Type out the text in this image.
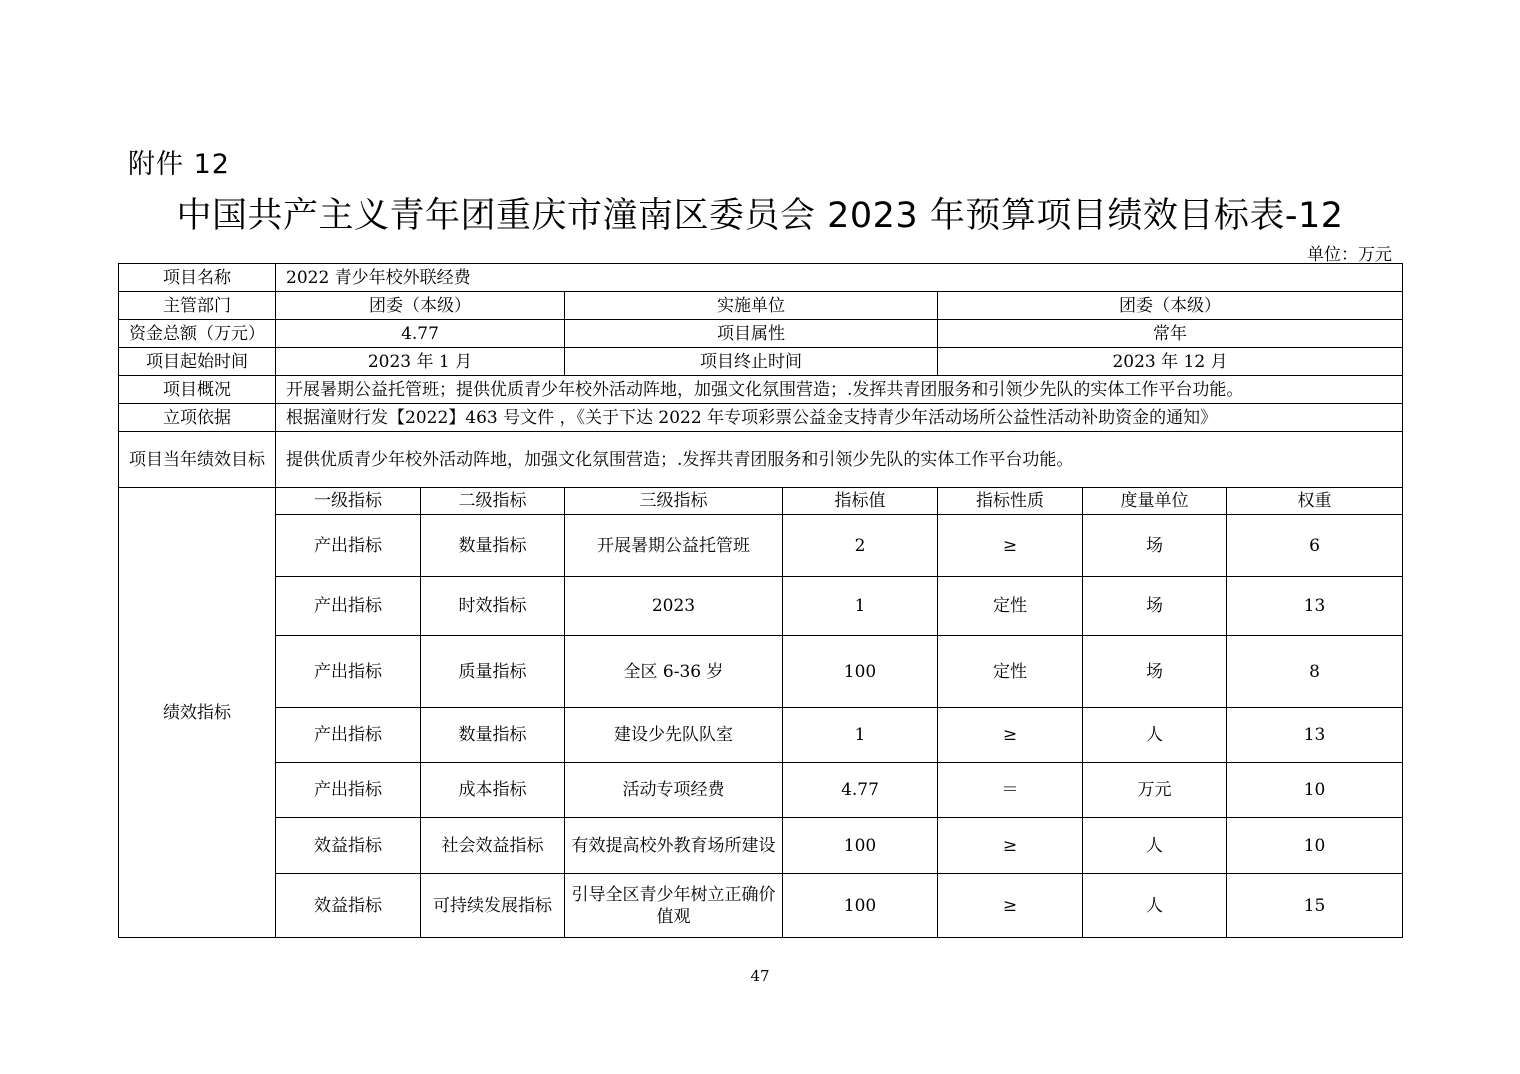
附件 12
中国共产主义青年团重庆市潼南区委员会 2023 年预算项目绩效目标表-12
单位：万元
项目名称	2022 青少年校外联经费						
主管部门	团委（本级）		实施单位		团委（本级）		
资金总额（万元）	4.77		项目属性		常年		
项目起始时间	2023 年 1 月		项目终止时间		2023 年 12 月		
项目概况	开展暑期公益托管班；提供优质青少年校外活动阵地，加强文化氛围营造；.发挥共青团服务和引领少先队的实体工作平台功能。						
立项依据	根据潼财行发【2022】463 号文件 ，《关于下达 2022 年专项彩票公益金支持青少年活动场所公益性活动补助资金的通知》						
项目当年绩效目标	提供优质青少年校外活动阵地，加强文化氛围营造；.发挥共青团服务和引领少先队的实体工作平台功能。						
绩效指标	一级指标	二级指标	三级指标	指标值	指标性质	度量单位	权重
	产出指标	数量指标	开展暑期公益托管班	2	≥	场	6
	产出指标	时效指标	2023	1	定性	场	13
	产出指标	质量指标	全区 6-36 岁	100	定性	场	8
	产出指标	数量指标	建设少先队队室	1	≥	人	13
	产出指标	成本指标	活动专项经费	4.77	＝	万元	10
	效益指标	社会效益指标	有效提高校外教育场所建设	100	≥	人	10
	效益指标	可持续发展指标	引导全区青少年树立正确价值观	100	≥	人	15
47
